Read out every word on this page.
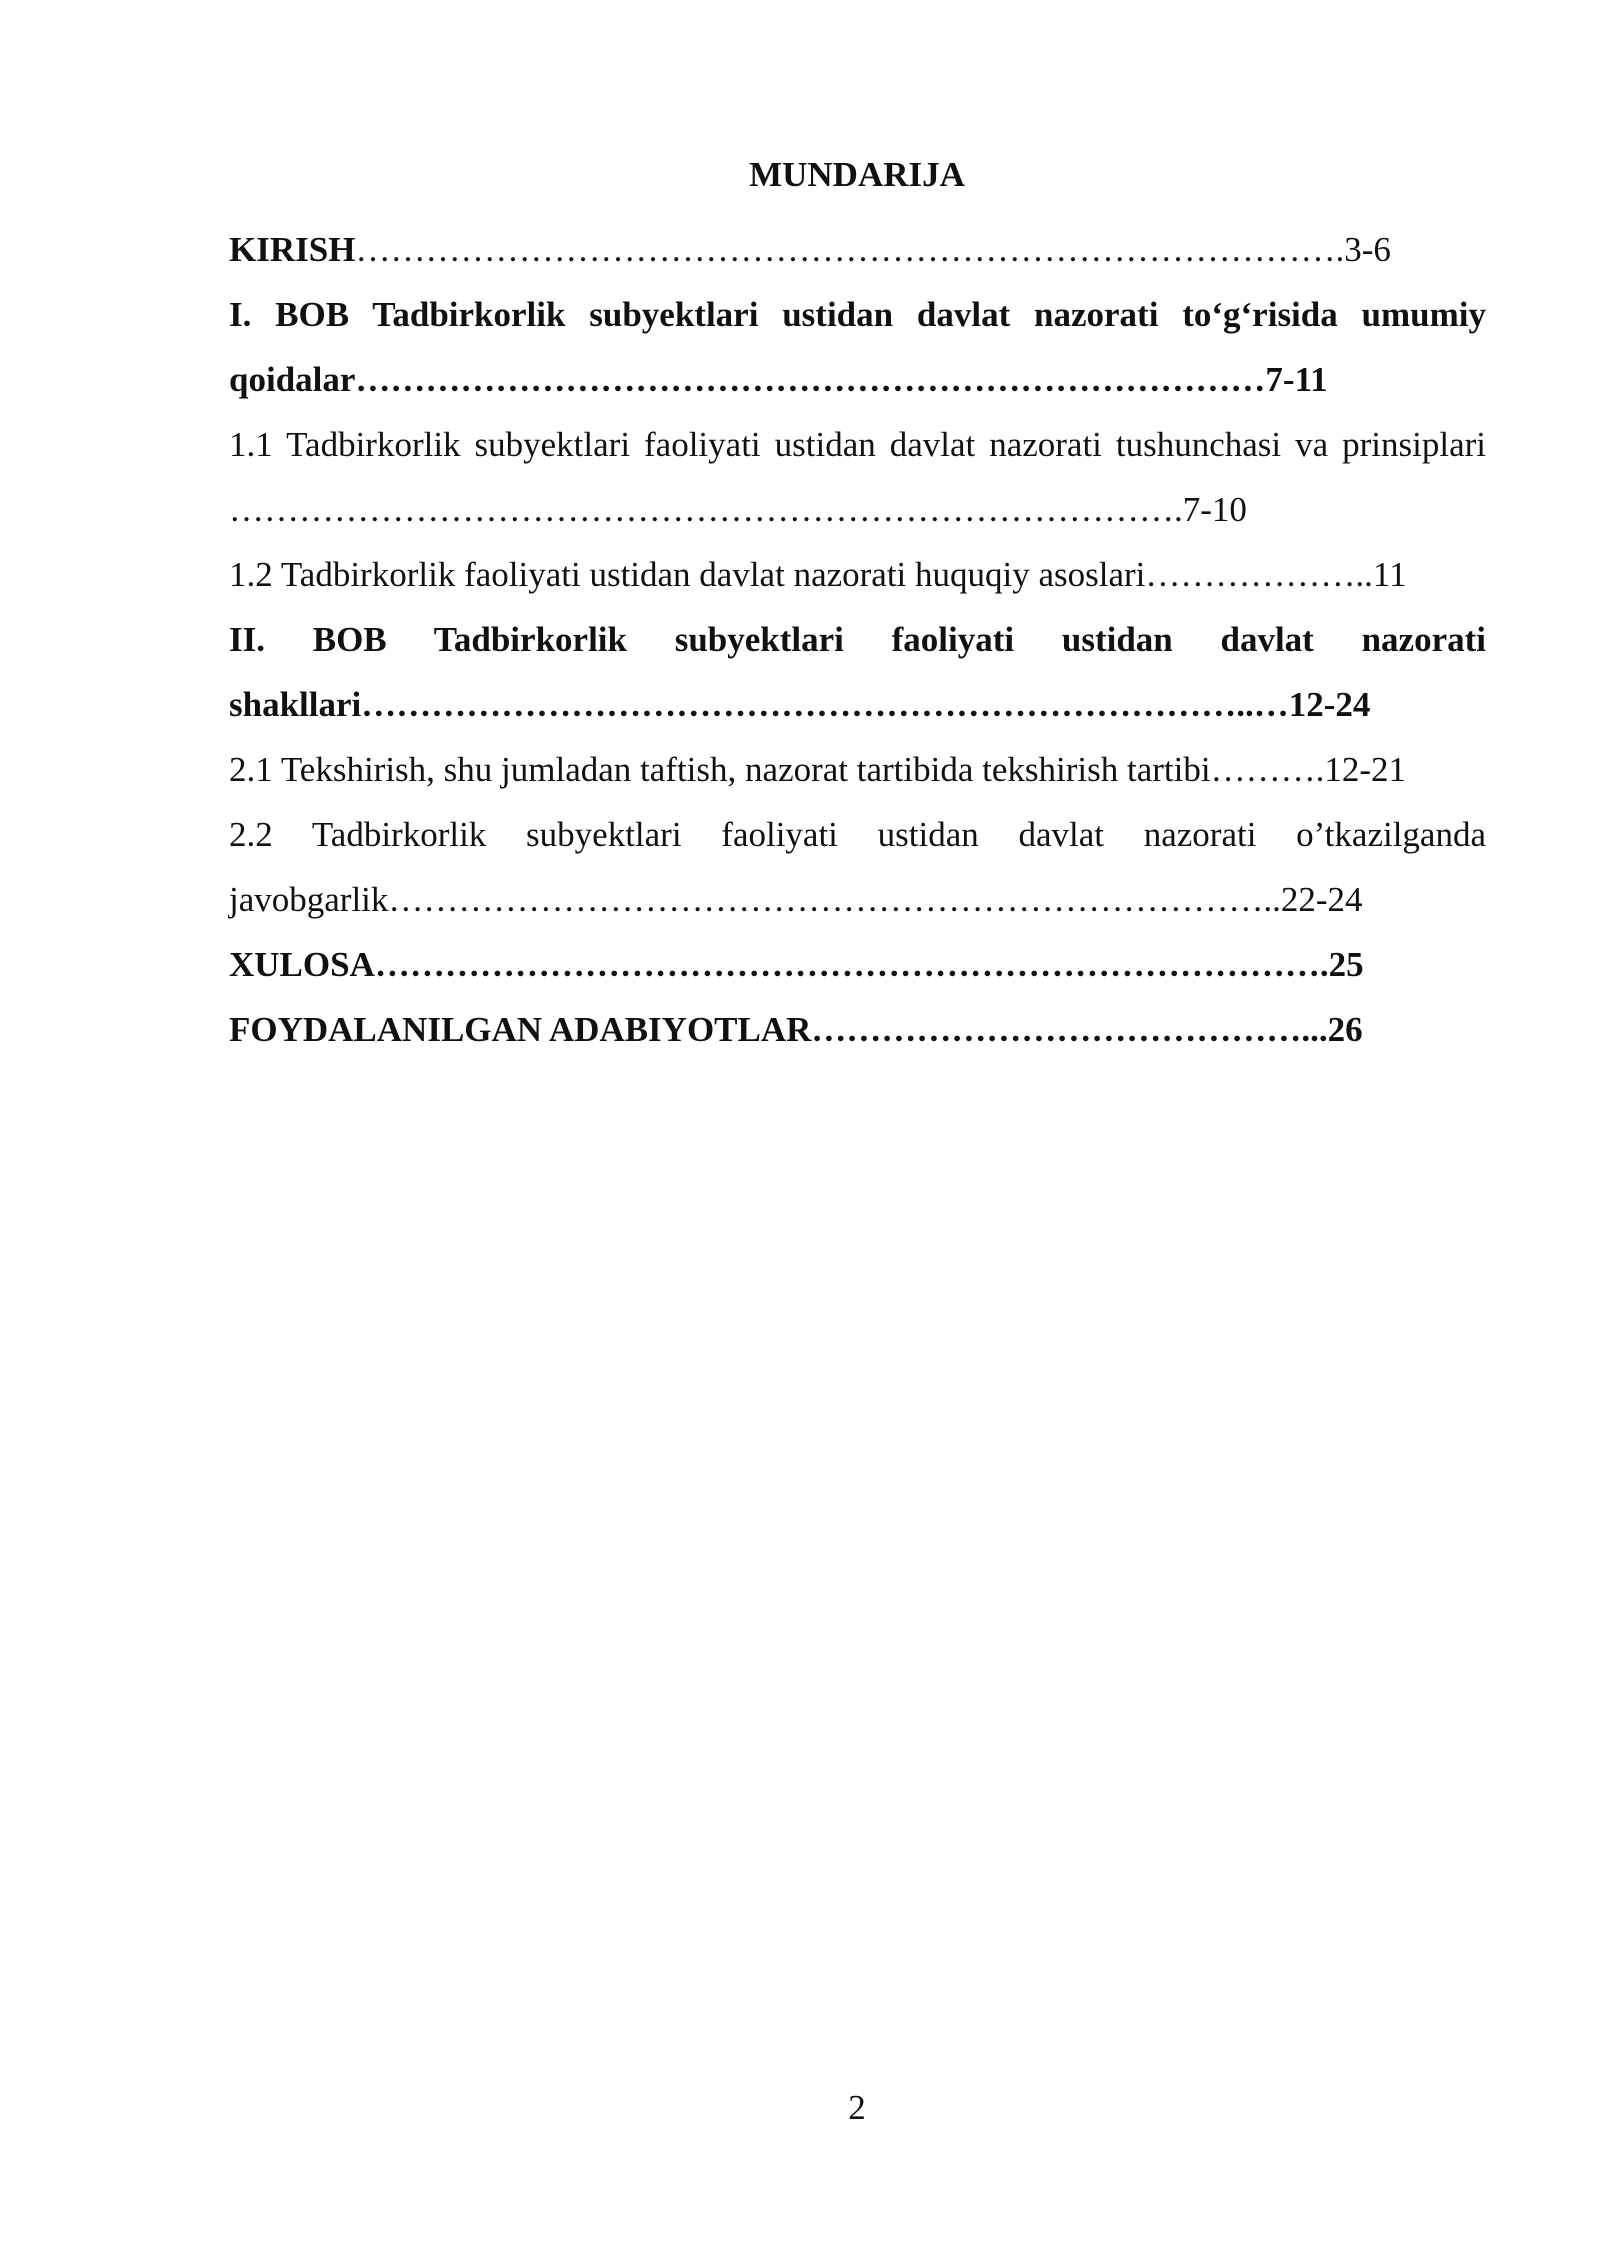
MUNDARIJA
KIRISH………………………………………………………………………….3-6
I. BOB Tadbirkorlik subyektlari ustidan davlat nazorati to‘g‘risida umumiy qoidalar……………………………………………………………………7-11
1.1 Tadbirkorlik subyektlari faoliyati ustidan davlat nazorati tushunchasi va prinsiplari ……………………………………………………………………….7-10
1.2 Tadbirkorlik faoliyati ustidan davlat nazorati huquqiy asoslari………………..11
II. BOB Tadbirkorlik subyektlari faoliyati ustidan davlat nazorati shakllari…………………………………………………………………..…12-24
2.1 Tekshirish, shu jumladan taftish, nazorat tartibida tekshirish tartibi……….12-21
2.2 Tadbirkorlik subyektlari faoliyati ustidan davlat nazorati o’tkazilganda javobgarlik…………………………………………………………………..22-24
XULOSA……………………………………………………………………….25
FOYDALANILGAN ADABIYOTLAR……………………………………...26
2
